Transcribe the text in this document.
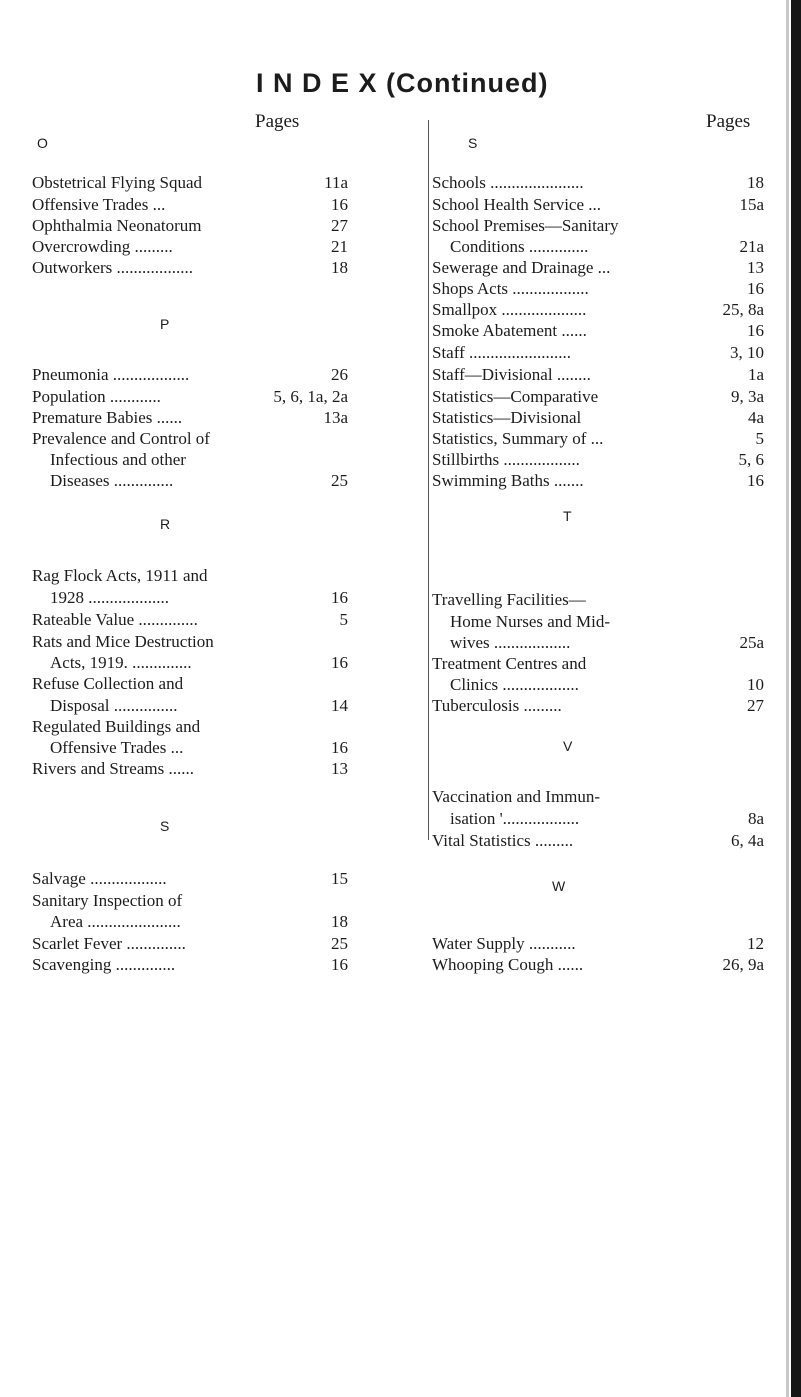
I N D E X (Continued)
Pages	Pages
O
Obstetrical Flying Squad	11a
Offensive Trades ...	16
Ophthalmia Neonatorum	27
Overcrowding .........	21
Outworkers ..................	18
P
Pneumonia ..................	26
Population ............	5, 6, 1a, 2a
Premature Babies ......	13a
Prevalence and Control of
Infectious and other
Diseases ..............	25
R
Rag Flock Acts, 1911 and
1928 ...................	16
Rateable Value ..............	5
Rats and Mice Destruction
Acts, 1919. ..............	16
Refuse Collection and
Disposal ...............	14
Regulated Buildings and
Offensive Trades ...	16
Rivers and Streams ......	13
S
Salvage ..................	15
Sanitary Inspection of
Area ......................	18
Scarlet Fever ..............	25
Scavenging ..............	16
S
Schools ......................	18
School Health Service ...	15a
School Premises—Sanitary
Conditions ..............	21a
Sewerage and Drainage ...	13
Shops Acts ..................	16
Smallpox ....................	25, 8a
Smoke Abatement ......	16
Staff ........................	3, 10
Staff—Divisional ........	1a
Statistics—Comparative	9, 3a
Statistics—Divisional	4a
Statistics, Summary of ...	5
Stillbirths ..................	5, 6
Swimming Baths .......	16
T
Travelling Facilities—
Home Nurses and Mid-
wives ..................	25a
Treatment Centres and
Clinics ..................	10
Tuberculosis .........	27
V
Vaccination and Immun-
isation '..................	8a
Vital Statistics .........	6, 4a
W
Water Supply ...........	12
Whooping Cough ......	26, 9a
